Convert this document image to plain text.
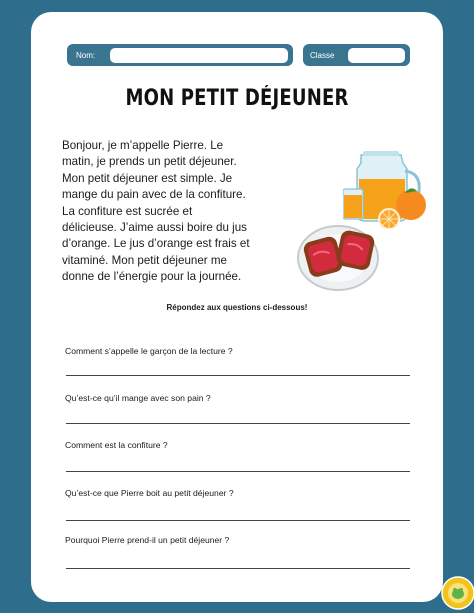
Nom:	Classe
MON PETIT DÉJEUNER
Bonjour, je m’appelle Pierre. Le
matin, je prends un petit déjeuner.
Mon petit déjeuner est simple. Je
mange du pain avec de la confiture.
La confiture est sucrée et
délicieuse. J’aime aussi boire du jus
d’orange. Le jus d’orange est frais et
vitaminé. Mon petit déjeuner me
donne de l’énergie pour la journée.
Répondez aux questions ci-dessous!
Comment s’appelle le garçon de la lecture ?
Qu’est-ce qu’il mange avec son pain ?
Comment est la confiture ?
Qu’est-ce que Pierre boit au petit déjeuner ?
Pourquoi Pierre prend-il un petit déjeuner ?
